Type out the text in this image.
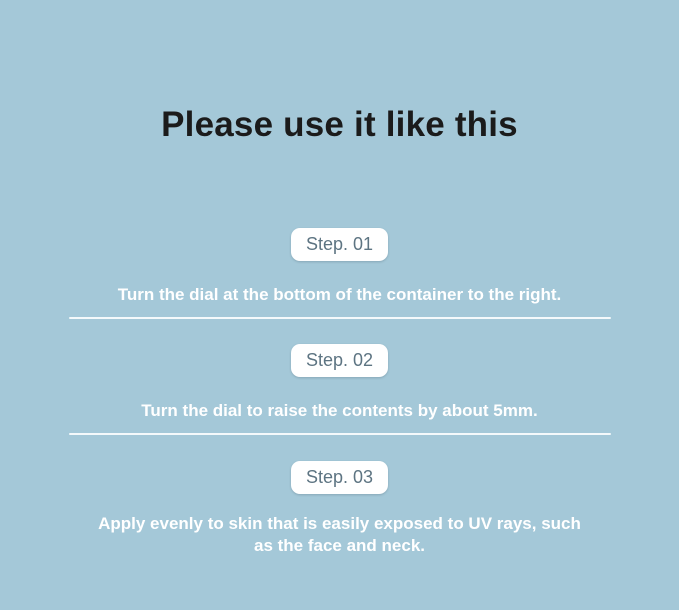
Please use it like this
Step. 01
Turn the dial at the bottom of the container to the right.
Step. 02
Turn the dial to raise the contents by about 5mm.
Step. 03
Apply evenly to skin that is easily exposed to UV rays, such as the face and neck.
